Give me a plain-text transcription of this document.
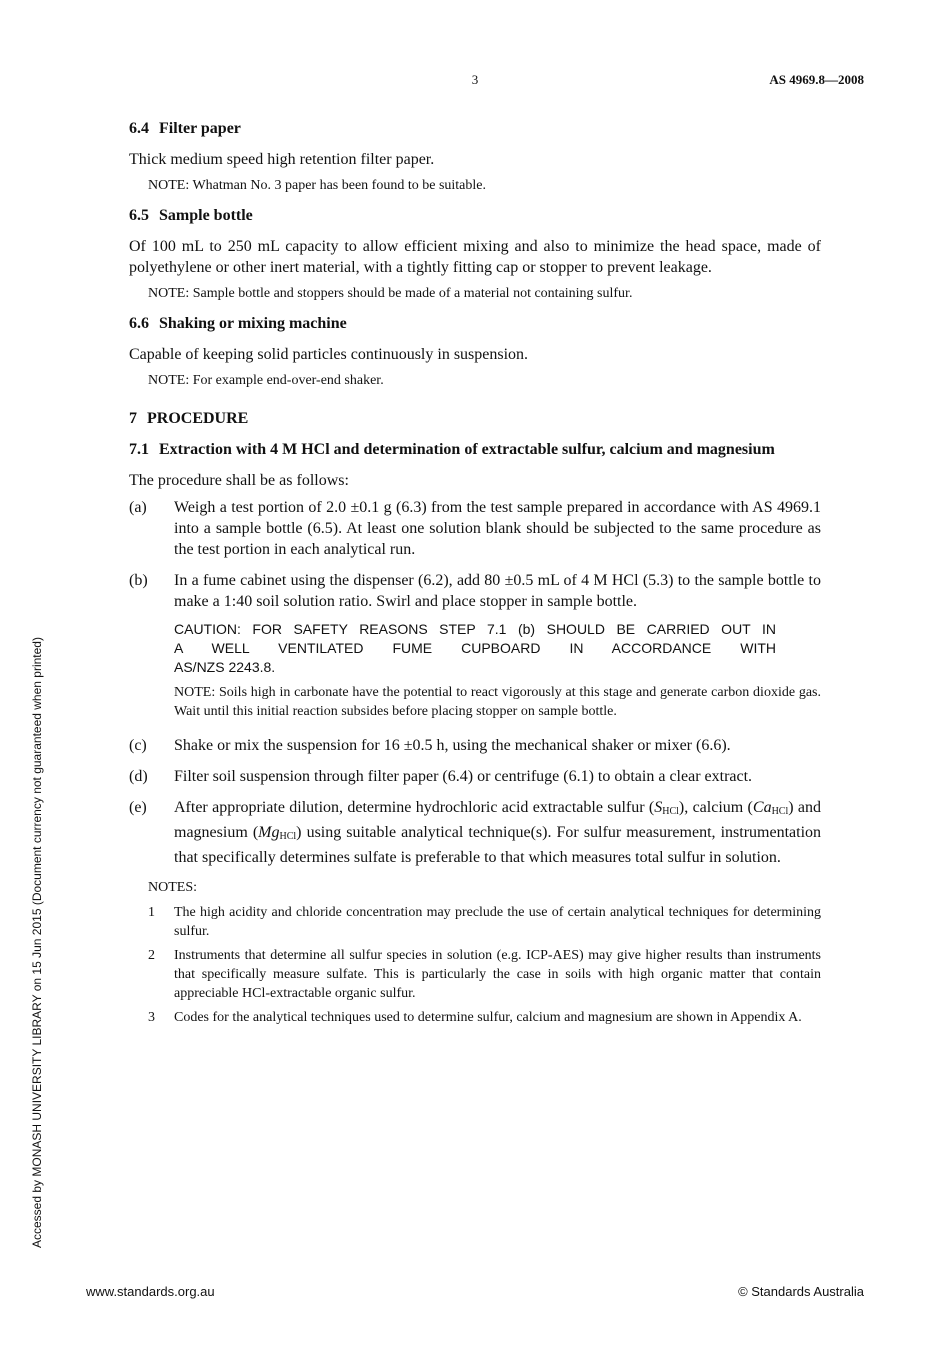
3	AS 4969.8—2008
6.4 Filter paper
Thick medium speed high retention filter paper.
NOTE: Whatman No. 3 paper has been found to be suitable.
6.5 Sample bottle
Of 100 mL to 250 mL capacity to allow efficient mixing and also to minimize the head space, made of polyethylene or other inert material, with a tightly fitting cap or stopper to prevent leakage.
NOTE: Sample bottle and stoppers should be made of a material not containing sulfur.
6.6 Shaking or mixing machine
Capable of keeping solid particles continuously in suspension.
NOTE: For example end-over-end shaker.
7 PROCEDURE
7.1 Extraction with 4 M HCl and determination of extractable sulfur, calcium and magnesium
The procedure shall be as follows:
(a)	Weigh a test portion of 2.0 ±0.1 g (6.3) from the test sample prepared in accordance with AS 4969.1 into a sample bottle (6.5). At least one solution blank should be subjected to the same procedure as the test portion in each analytical run.
(b)	In a fume cabinet using the dispenser (6.2), add 80 ±0.5 mL of 4 M HCl (5.3) to the sample bottle to make a 1:40 soil solution ratio. Swirl and place stopper in sample bottle.
CAUTION: FOR SAFETY REASONS STEP 7.1 (b) SHOULD BE CARRIED OUT IN
A WELL VENTILATED FUME CUPBOARD IN ACCORDANCE WITH
AS/NZS 2243.8.
NOTE: Soils high in carbonate have the potential to react vigorously at this stage and generate carbon dioxide gas. Wait until this initial reaction subsides before placing stopper on sample bottle.
(c)	Shake or mix the suspension for 16 ±0.5 h, using the mechanical shaker or mixer (6.6).
(d)	Filter soil suspension through filter paper (6.4) or centrifuge (6.1) to obtain a clear extract.
(e)	After appropriate dilution, determine hydrochloric acid extractable sulfur $(S_{HCl})$, calcium $(Ca_{HCl})$ and magnesium $(Mg_{HCl})$ using suitable analytical technique(s). For sulfur measurement, instrumentation that specifically determines sulfate is preferable to that which measures total sulfur in solution.
NOTES:
1	The high acidity and chloride concentration may preclude the use of certain analytical techniques for determining sulfur.
2	Instruments that determine all sulfur species in solution (e.g. ICP-AES) may give higher results than instruments that specifically measure sulfate. This is particularly the case in soils with high organic matter that contain appreciable HCl-extractable organic sulfur.
3	Codes for the analytical techniques used to determine sulfur, calcium and magnesium are shown in Appendix A.
Accessed by MONASH UNIVERSITY LIBRARY on 15 Jun 2015 (Document currency not guaranteed when printed)
www.standards.org.au	© Standards Australia
